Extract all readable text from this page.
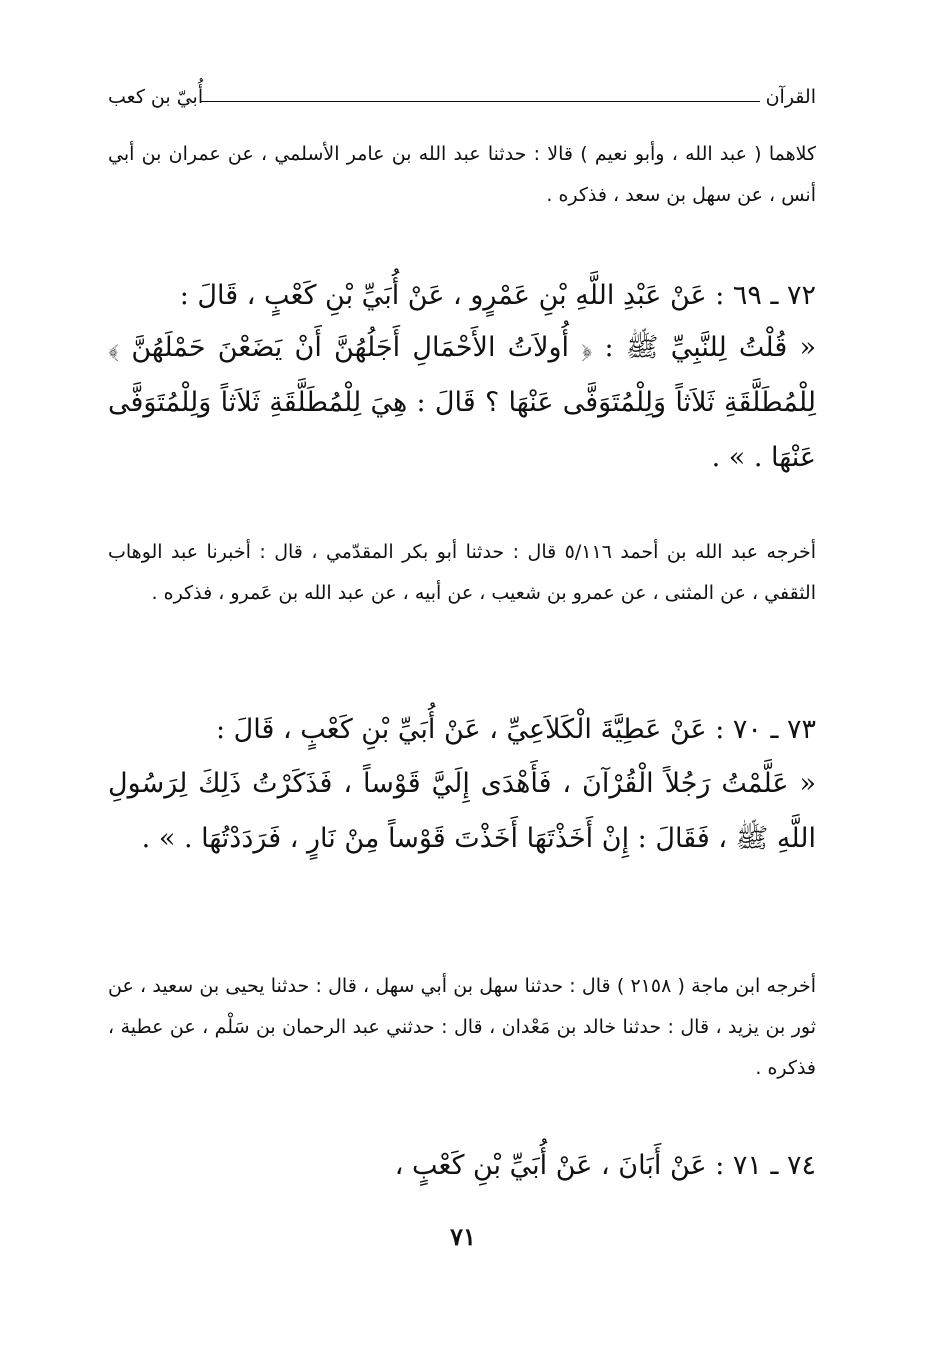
القرآن
أُبيّ بن كعب
كلاهما ( عبد الله ، وأبو نعيم ) قالا : حدثنا عبد الله بن عامر الأسلمي ، عن عمران بن أبي أنس ، عن سهل بن سعد ، فذكره .
٧٢ ـ ٦٩ : عَنْ عَبْدِ اللَّهِ بْنِ عَمْرٍو ، عَنْ أُبَيِّ بْنِ كَعْبٍ ، قَالَ :
« قُلْتُ لِلنَّبِيِّ ﷺ : ﴿ أُولاَتُ الأَحْمَالِ أَجَلُهُنَّ أَنْ يَضَعْنَ حَمْلَهُنَّ ﴾ لِلْمُطَلَّقَةِ ثَلاَثاً وَلِلْمُتَوَفَّى عَنْهَا ؟ قَالَ : هِيَ لِلْمُطَلَّقَةِ ثَلاَثاً وَلِلْمُتَوَفَّى عَنْهَا . » .
أخرجه عبد الله بن أحمد ٥/١١٦ قال : حدثنا أبو بكر المقدّمي ، قال : أخبرنا عبد الوهاب الثقفي ، عن المثنى ، عن عمرو بن شعيب ، عن أبيه ، عن عبد الله بن عَمرو ، فذكره .
٧٣ ـ ٧٠ : عَنْ عَطِيَّةَ الْكَلاَعِيِّ ، عَنْ أُبَيِّ بْنِ كَعْبٍ ، قَالَ :
« عَلَّمْتُ رَجُلاً الْقُرْآنَ ، فَأَهْدَى إِلَيَّ قَوْساً ، فَذَكَرْتُ ذَلِكَ لِرَسُولِ اللَّهِ ﷺ ، فَقَالَ : إِنْ أَخَذْتَهَا أَخَذْتَ قَوْساً مِنْ نَارٍ ، فَرَدَدْتُهَا . » .
أخرجه ابن ماجة ( ٢١٥٨ ) قال : حدثنا سهل بن أبي سهل ، قال : حدثنا يحيى بن سعيد ، عن ثور بن يزيد ، قال : حدثنا خالد بن مَعْدان ، قال : حدثني عبد الرحمان بن سَلْم ، عن عطية ، فذكره .
٧٤ ـ ٧١ : عَنْ أَبَانَ ، عَنْ أُبَيِّ بْنِ كَعْبٍ ،
٧١
